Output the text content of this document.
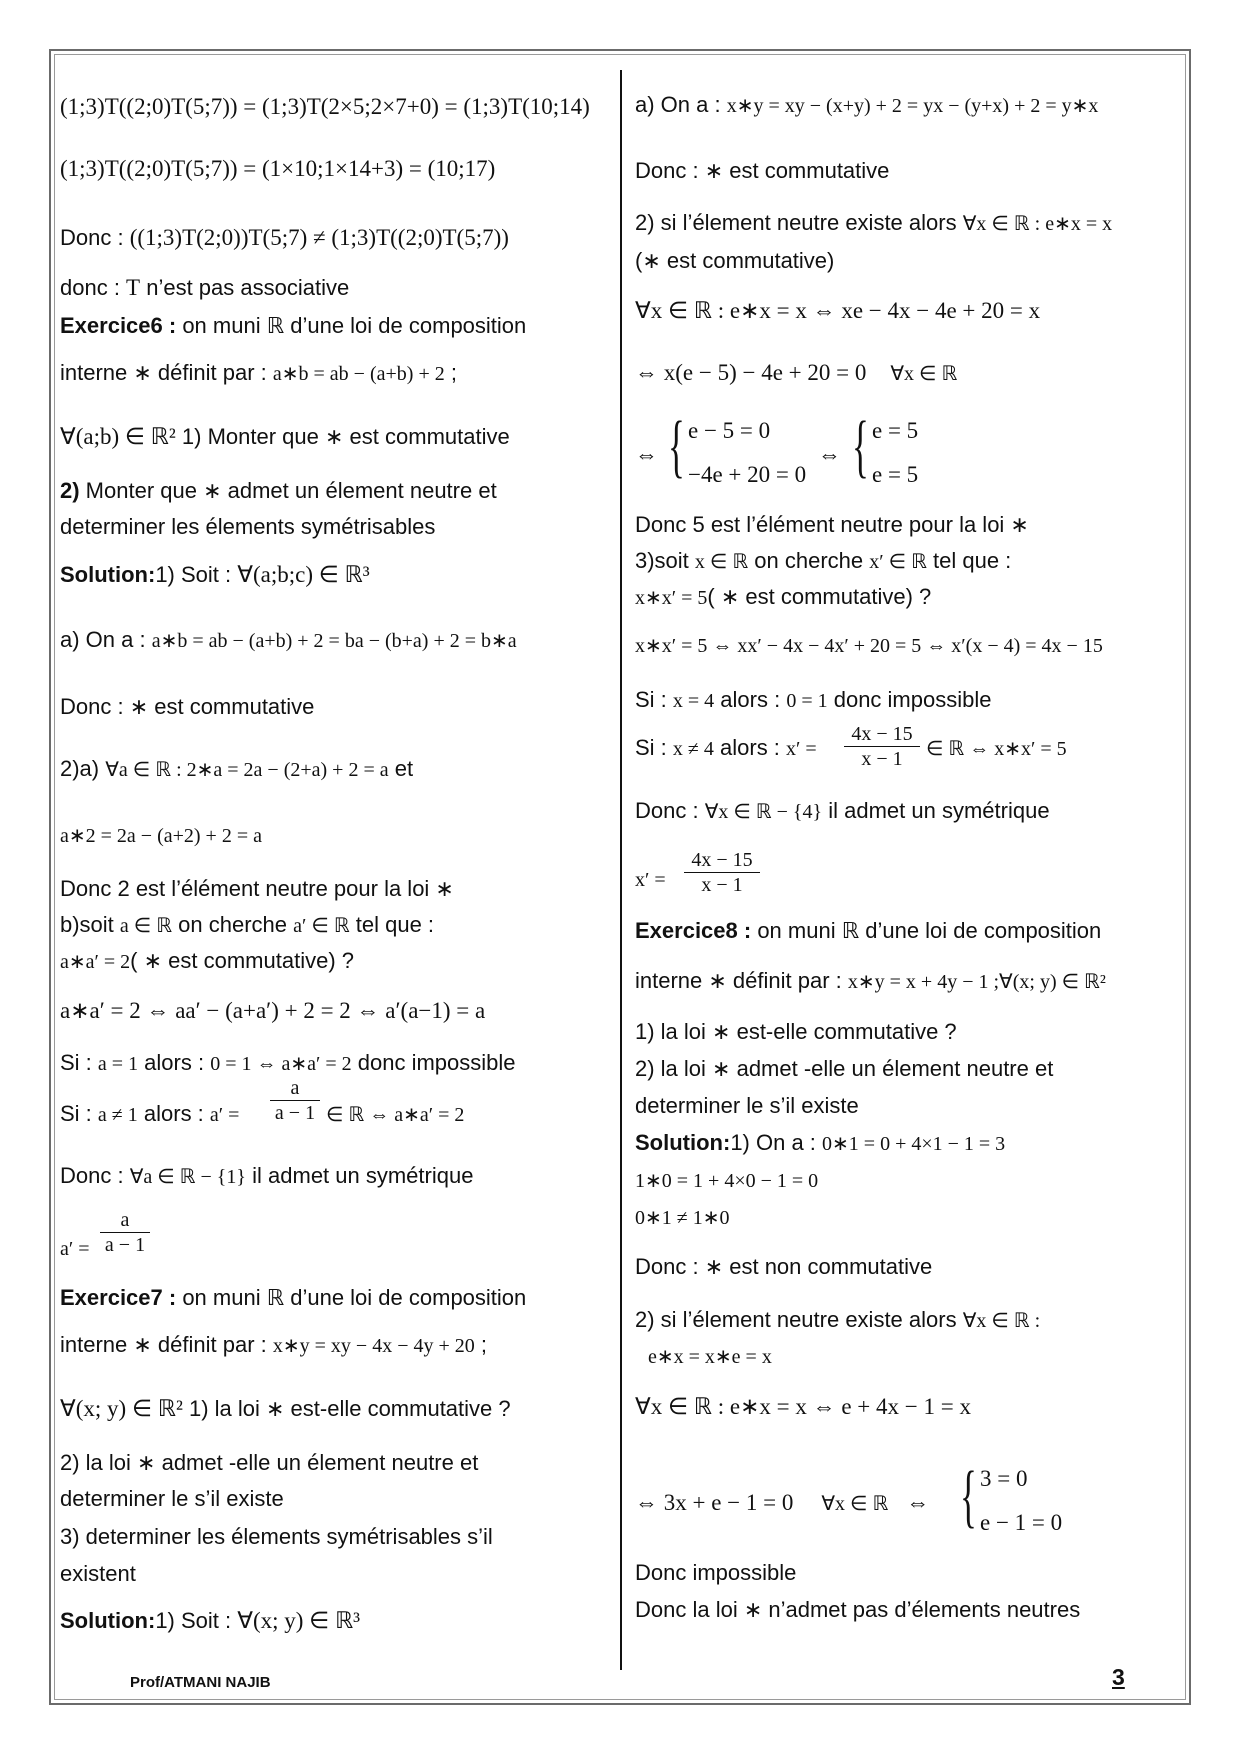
(1;3)T((2;0)T(5;7)) = (1;3)T(2×5;2×7+0) = (1;3)T(10;14)
(1;3)T((2;0)T(5;7)) = (1×10;1×14+3) = (10;17)
Donc : ((1;3)T(2;0))T(5;7) ≠ (1;3)T((2;0)T(5;7))
donc : T n’est pas associative
Exercice6 : on muni ℝ d’une loi de composition
interne ∗ définit par : a∗b = ab − (a+b) + 2 ;
∀(a;b) ∈ ℝ² 1) Monter que ∗ est commutative
2) Monter que ∗ admet un élement neutre et
determiner les élements symétrisables
Solution:1) Soit : ∀(a;b;c) ∈ ℝ³
a) On a : a∗b = ab − (a+b) + 2 = ba − (b+a) + 2 = b∗a
Donc : ∗ est commutative
2)a) ∀a ∈ ℝ : 2∗a = 2a − (2+a) + 2 = a et
a∗2 = 2a − (a+2) + 2 = a
Donc 2 est l’élément neutre pour la loi ∗
b)soit a ∈ ℝ on cherche a′ ∈ ℝ tel que :
a∗a′ = 2( ∗ est commutative) ?
a∗a′ = 2 ⇔ aa′ − (a+a′) + 2 = 2 ⇔ a′(a−1) = a
Si : a = 1 alors : 0 = 1 ⇔ a∗a′ = 2 donc impossible
Si : a ≠ 1 alors : a′ =
a
a − 1 ∈ ℝ ⇔ a∗a′ = 2
Donc : ∀a ∈ ℝ − {1} il admet un symétrique
a′ =
a
a − 1
Exercice7 : on muni ℝ d’une loi de composition
interne ∗ définit par : x∗y = xy − 4x − 4y + 20 ;
∀(x; y) ∈ ℝ² 1) la loi ∗ est-elle commutative ?
2) la loi ∗ admet -elle un élement neutre et
determiner le s’il existe
3) determiner les élements symétrisables s’il
existent
Solution:1) Soit : ∀(x; y) ∈ ℝ³
a) On a : x∗y = xy − (x+y) + 2 = yx − (y+x) + 2 = y∗x
Donc : ∗ est commutative
2) si l’élement neutre existe alors ∀x ∈ ℝ : e∗x = x
(∗ est commutative)
∀x ∈ ℝ : e∗x = x ⇔ xe − 4x − 4e + 20 = x
⇔ x(e − 5) − 4e + 20 = 0 ∀x ∈ ℝ
⇔ { e − 5 = 0
−4e + 20 = 0
⇔ { e = 5
e = 5
Donc 5 est l’élément neutre pour la loi ∗
3)soit x ∈ ℝ on cherche x′ ∈ ℝ tel que :
x∗x′ = 5( ∗ est commutative) ?
x∗x′ = 5 ⇔ xx′ − 4x − 4x′ + 20 = 5 ⇔ x′(x − 4) = 4x − 15
Si : x = 4 alors : 0 = 1 donc impossible
Si : x ≠ 4 alors : x′ =
4x − 15
x − 1	∈ ℝ ⇔ x∗x′ = 5
Donc : ∀x ∈ ℝ − {4} il admet un symétrique
x′ =
4x − 15
x − 1
Exercice8 : on muni ℝ d’une loi de composition
interne ∗ définit par : x∗y = x + 4y − 1 ;∀(x; y) ∈ ℝ²
1) la loi ∗ est-elle commutative ?
2) la loi ∗ admet -elle un élement neutre et
determiner le s’il existe
Solution:1) On a : 0∗1 = 0 + 4×1 − 1 = 3
1∗0 = 1 + 4×0 − 1 = 0
0∗1 ≠ 1∗0
Donc : ∗ est non commutative
2) si l’élement neutre existe alors ∀x ∈ ℝ :
e∗x = x∗e = x
∀x ∈ ℝ : e∗x = x ⇔ e + 4x − 1 = x
⇔ 3x + e − 1 = 0 ∀x ∈ ℝ ⇔ { 3 = 0
e − 1 = 0
Donc impossible
Donc la loi ∗ n’admet pas d’élements neutres
Prof/ATMANI NAJIB	3
